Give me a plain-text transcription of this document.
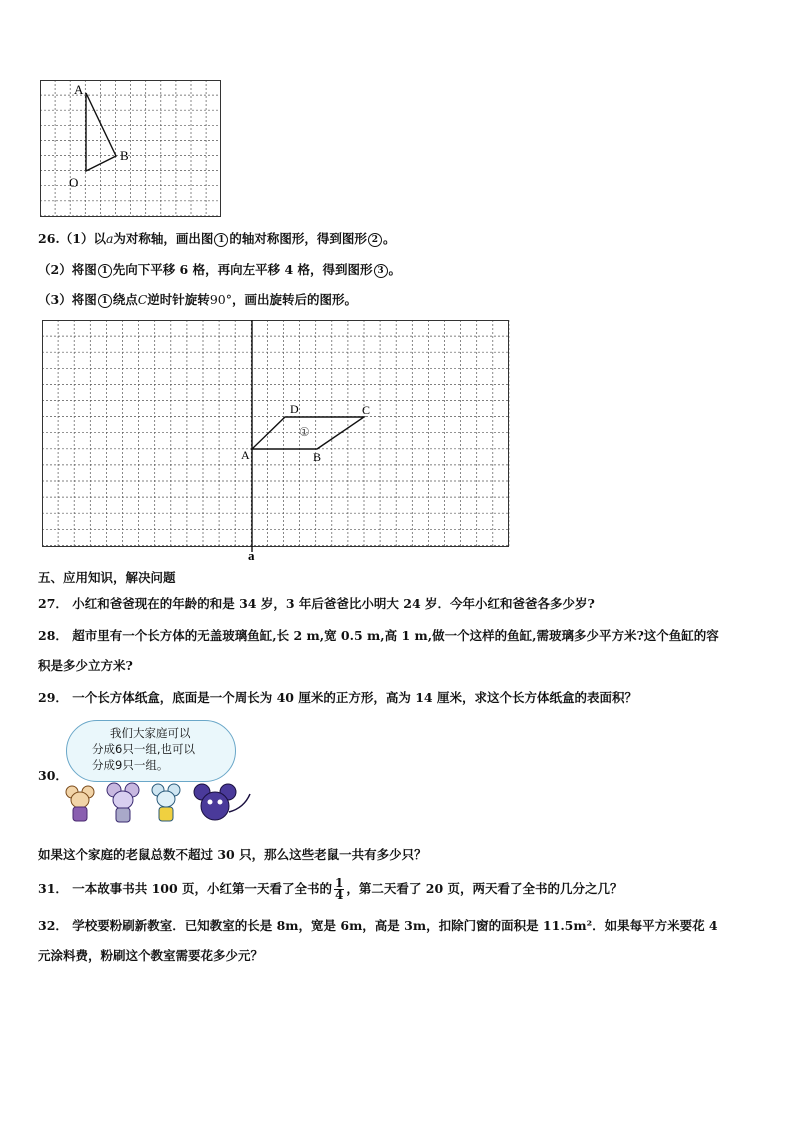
A
B
O
26.（1）以a为对称轴，画出图 1 的轴对称图形，得到图形 2 。
（2）将图 1 先向下平移 6 格，再向左平移 4 格，得到图形 3 。
（3）将图 1 绕点C逆时针旋转90°，画出旋转后的图形。
A	B
C
D
①
a
五、应用知识，解决问题
27． 小红和爸爸现在的年龄的和是 34 岁，3 年后爸爸比小明大 24 岁．今年小红和爸爸各多少岁?
28． 超市里有一个长方体的无盖玻璃鱼缸,长 2 m,宽 0.5 m,高 1 m,做一个这样的鱼缸,需玻璃多少平方米?这个鱼缸的容
积是多少立方米?
29． 一个长方体纸盒，底面是一个周长为 40 厘米的正方形，高为 14 厘米，求这个长方体纸盒的表面积？
30．
我们大家庭可以
分成6只一组,也可以
分成9只一组。
如果这个家庭的老鼠总数不超过 30 只，那么这些老鼠一共有多少只？
31． 一本故事书共 100 页，小红第一天看了全书的 $\frac{1}{4}$ ，第二天看了 20 页，两天看了全书的几分之几？
32． 学校要粉刷新教室．已知教室的长是 8m，宽是 6m，高是 3m，扣除门窗的面积是 11.5m²．如果每平方米要花 4
元涂料费，粉刷这个教室需要花多少元？
